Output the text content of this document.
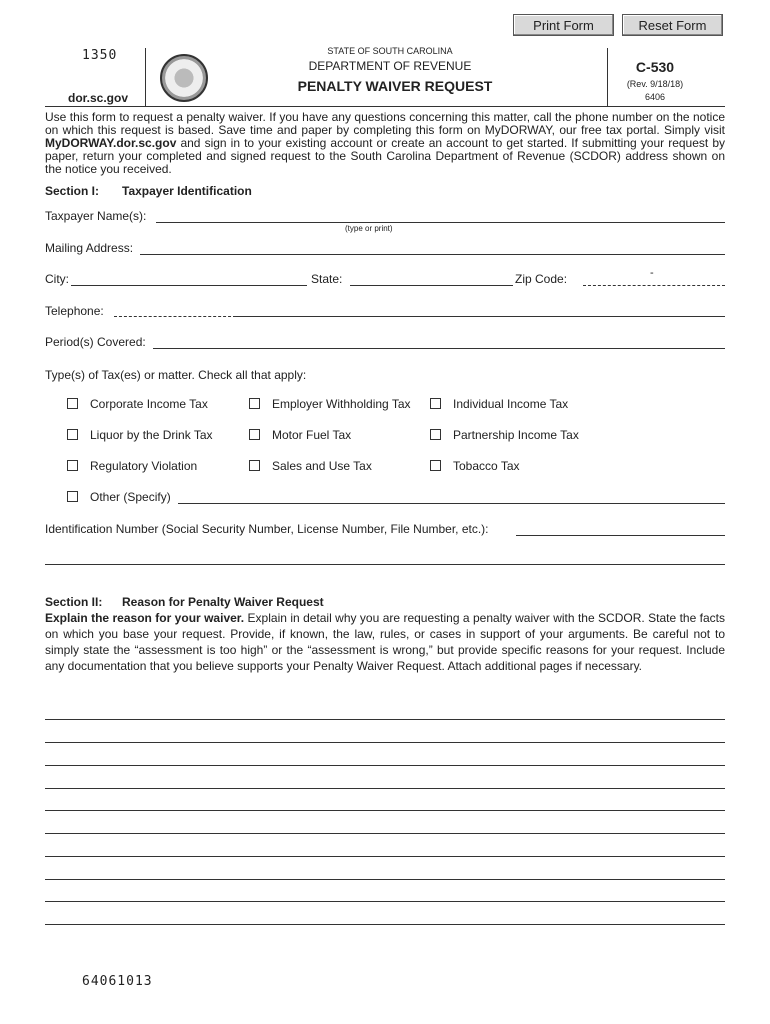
Print Form	Reset Form
1350
dor.sc.gov
STATE OF SOUTH CAROLINA
DEPARTMENT OF REVENUE
PENALTY WAIVER REQUEST
C-530
(Rev. 9/18/18)
6406
Use this form to request a penalty waiver. If you have any questions concerning this matter, call the phone number on the notice on which this request is based. Save time and paper by completing this form on MyDORWAY, our free tax portal. Simply visit MyDORWAY.dor.sc.gov and sign in to your existing account or create an account to get started. If submitting your request by paper, return your completed and signed request to the South Carolina Department of Revenue (SCDOR) address shown on the notice you received.
Section I: Taxpayer Identification
Taxpayer Name(s):
(type or print)
Mailing Address:
City:	State:	Zip Code:	-
Telephone:
Period(s) Covered:
Type(s) of Tax(es) or matter. Check all that apply:
Corporate Income Tax	Employer Withholding Tax	Individual Income Tax
Liquor by the Drink Tax	Motor Fuel Tax	Partnership Income Tax
Regulatory Violation	Sales and Use Tax	Tobacco Tax
Other (Specify)
Identification Number (Social Security Number, License Number, File Number, etc.):
Section II: Reason for Penalty Waiver Request
Explain the reason for your waiver. Explain in detail why you are requesting a penalty waiver with the SCDOR. State the facts on which you base your request. Provide, if known, the law, rules, or cases in support of your arguments. Be careful not to simply state the “assessment is too high” or the “assessment is wrong,” but provide specific reasons for your request. Include any documentation that you believe supports your Penalty Waiver Request. Attach additional pages if necessary.
64061013
